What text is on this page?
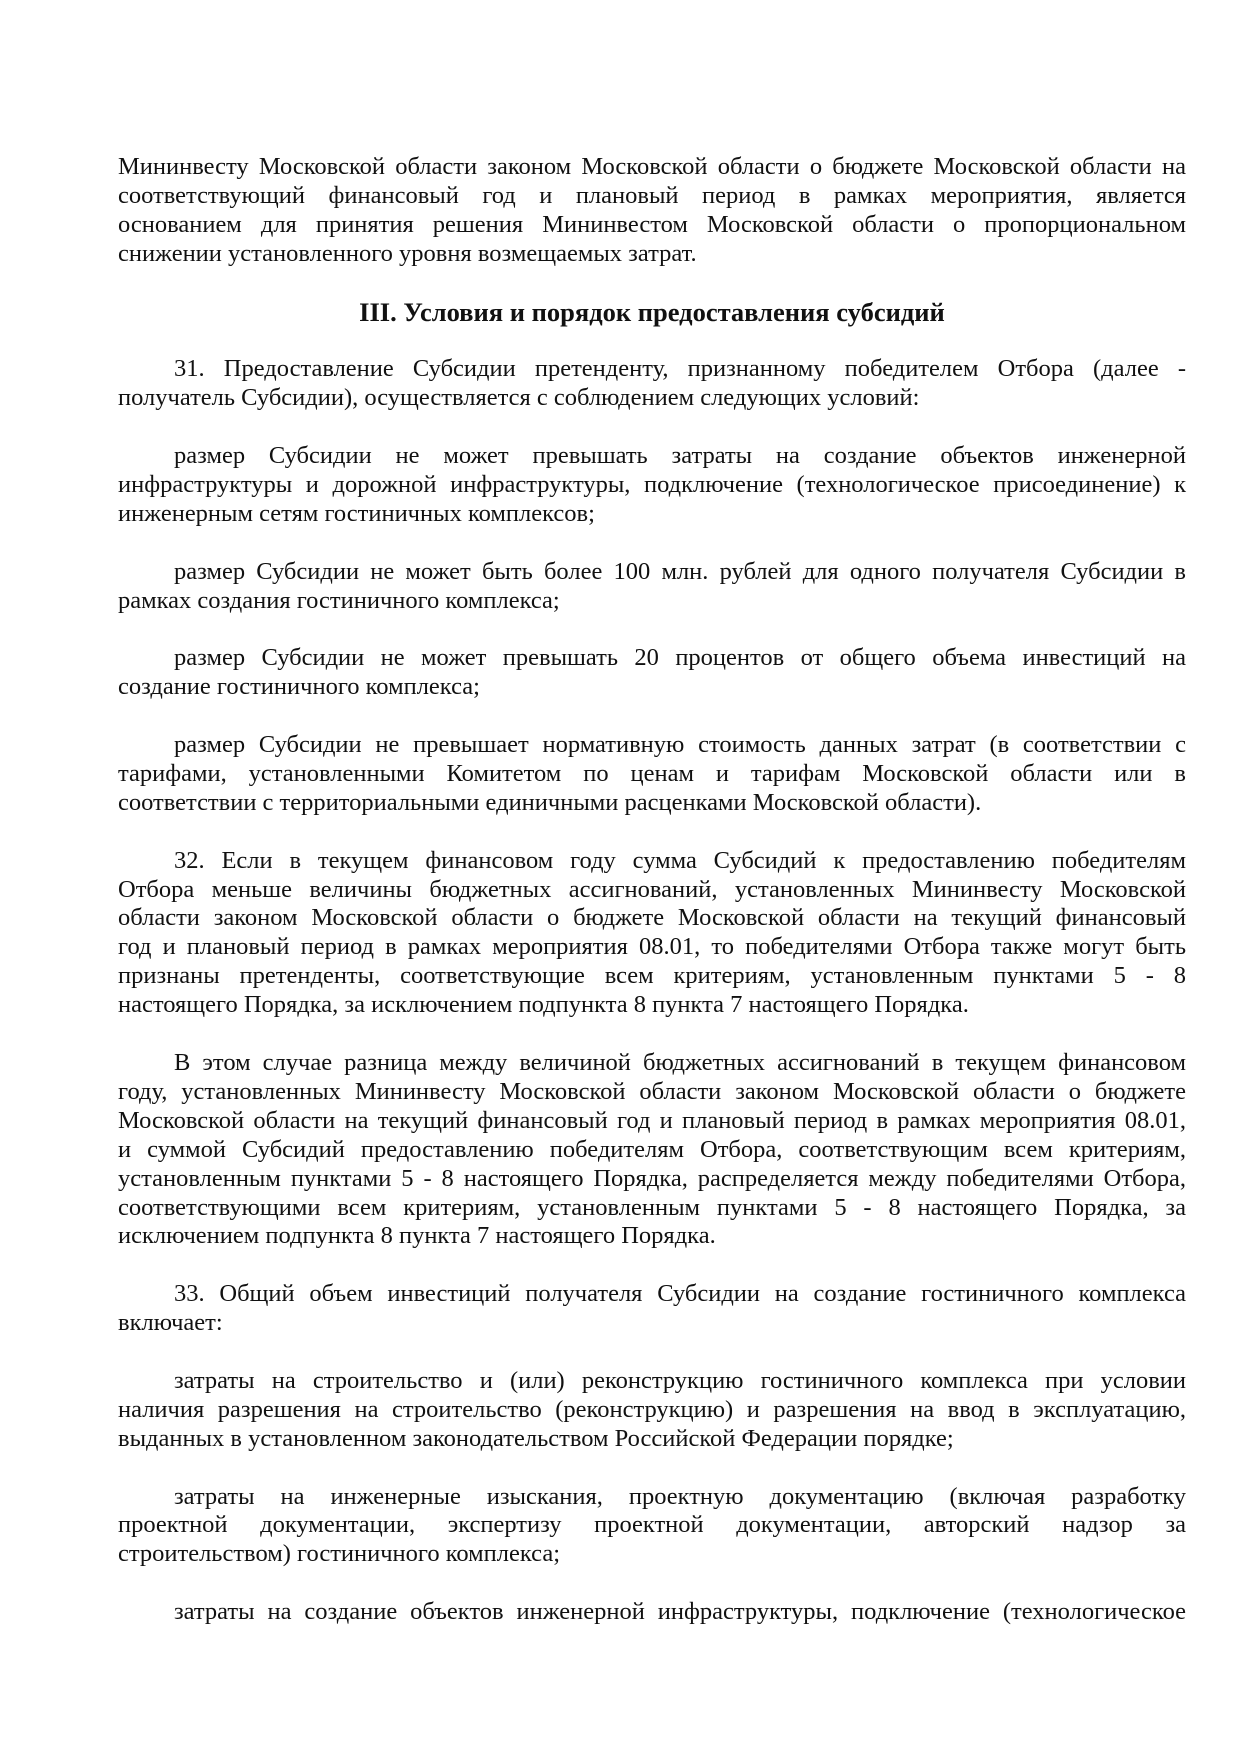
Мининвесту Московской области законом Московской области о бюджете Московской области на
соответствующий финансовый год и плановый период в рамках мероприятия, является
основанием для принятия решения Мининвестом Московской области о пропорциональном
снижении установленного уровня возмещаемых затрат.
III. Условия и порядок предоставления субсидий
31. Предоставление Субсидии претенденту, признанному победителем Отбора (далее -
получатель Субсидии), осуществляется с соблюдением следующих условий:
размер Субсидии не может превышать затраты на создание объектов инженерной
инфраструктуры и дорожной инфраструктуры, подключение (технологическое присоединение) к
инженерным сетям гостиничных комплексов;
размер Субсидии не может быть более 100 млн. рублей для одного получателя Субсидии в
рамках создания гостиничного комплекса;
размер Субсидии не может превышать 20 процентов от общего объема инвестиций на
создание гостиничного комплекса;
размер Субсидии не превышает нормативную стоимость данных затрат (в соответствии с
тарифами, установленными Комитетом по ценам и тарифам Московской области или в
соответствии с территориальными единичными расценками Московской области).
32. Если в текущем финансовом году сумма Субсидий к предоставлению победителям
Отбора меньше величины бюджетных ассигнований, установленных Мининвесту Московской
области законом Московской области о бюджете Московской области на текущий финансовый
год и плановый период в рамках мероприятия 08.01, то победителями Отбора также могут быть
признаны претенденты, соответствующие всем критериям, установленным пунктами 5 - 8
настоящего Порядка, за исключением подпункта 8 пункта 7 настоящего Порядка.
В этом случае разница между величиной бюджетных ассигнований в текущем финансовом
году, установленных Мининвесту Московской области законом Московской области о бюджете
Московской области на текущий финансовый год и плановый период в рамках мероприятия 08.01,
и суммой Субсидий предоставлению победителям Отбора, соответствующим всем критериям,
установленным пунктами 5 - 8 настоящего Порядка, распределяется между победителями Отбора,
соответствующими всем критериям, установленным пунктами 5 - 8 настоящего Порядка, за
исключением подпункта 8 пункта 7 настоящего Порядка.
33. Общий объем инвестиций получателя Субсидии на создание гостиничного комплекса
включает:
затраты на строительство и (или) реконструкцию гостиничного комплекса при условии
наличия разрешения на строительство (реконструкцию) и разрешения на ввод в эксплуатацию,
выданных в установленном законодательством Российской Федерации порядке;
затраты на инженерные изыскания, проектную документацию (включая разработку
проектной документации, экспертизу проектной документации, авторский надзор за
строительством) гостиничного комплекса;
затраты на создание объектов инженерной инфраструктуры, подключение (технологическое
